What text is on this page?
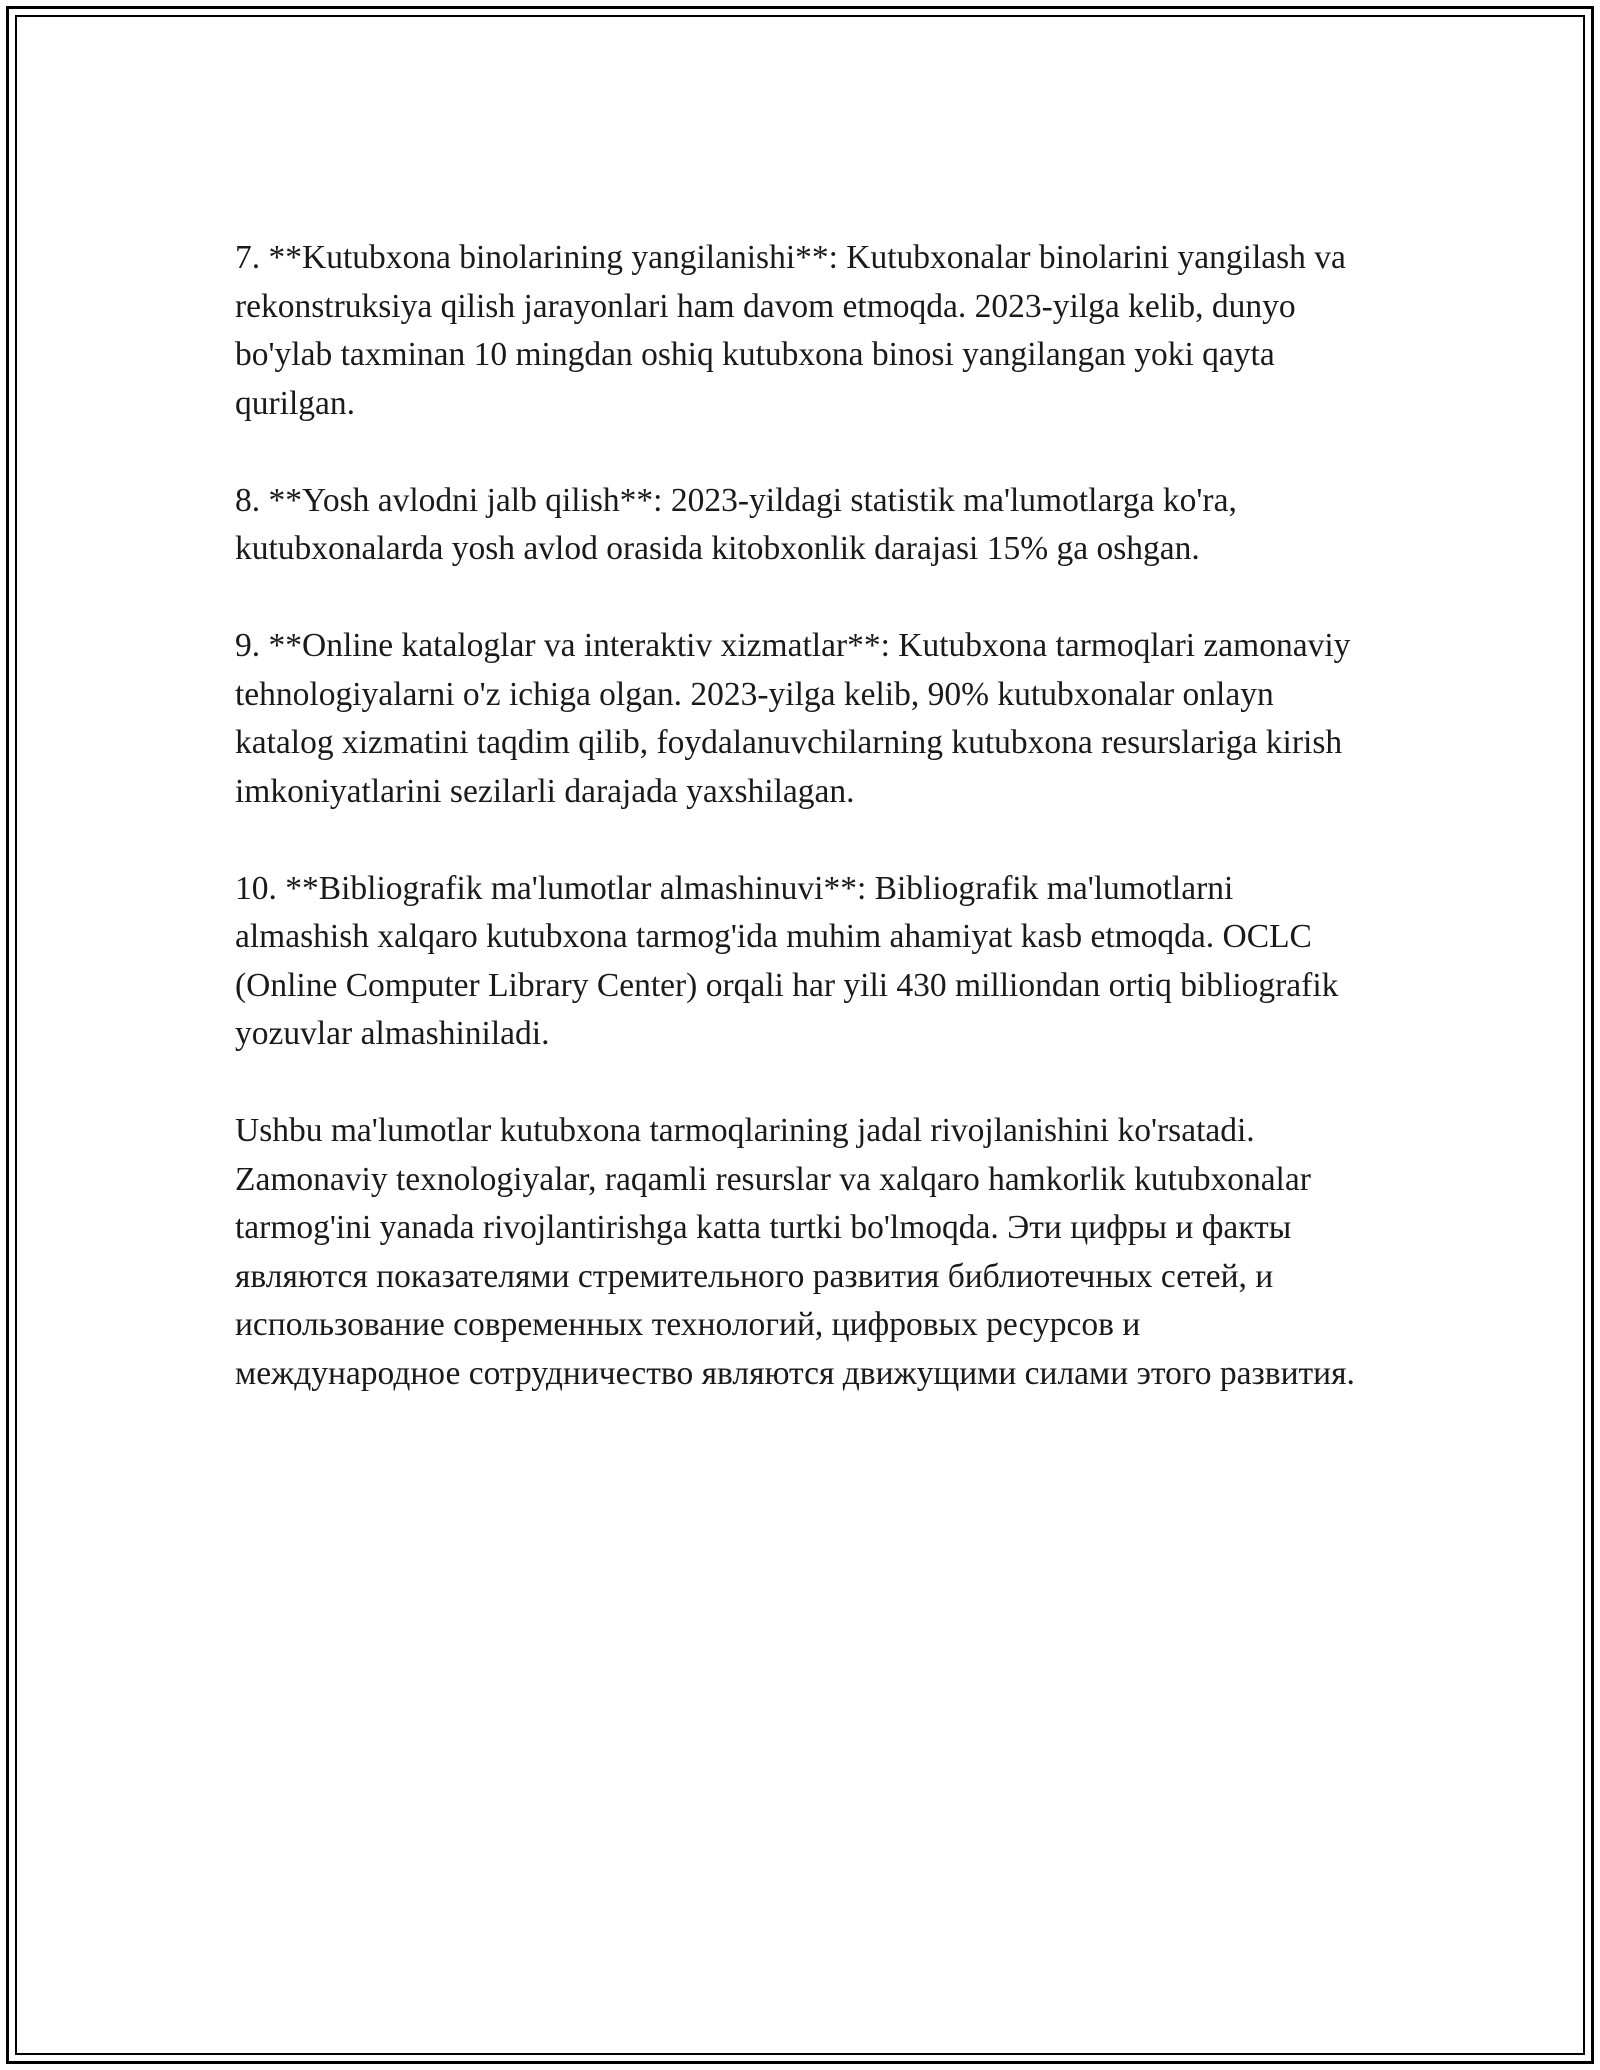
7. **Kutubxona binolarining yangilanishi**: Kutubxonalar binolarini yangilash va rekonstruksiya qilish jarayonlari ham davom etmoqda. 2023-yilga kelib, dunyo bo'ylab taxminan 10 mingdan oshiq kutubxona binosi yangilangan yoki qayta qurilgan.

8. **Yosh avlodni jalb qilish**: 2023-yildagi statistik ma'lumotlarga ko'ra, kutubxonalarda yosh avlod orasida kitobxonlik darajasi 15% ga oshgan.

9. **Online kataloglar va interaktiv xizmatlar**: Kutubxona tarmoqlari zamonaviy tehnologiyalarni o'z ichiga olgan. 2023-yilga kelib, 90% kutubxonalar onlayn katalog xizmatini taqdim qilib, foydalanuvchilarning kutubxona resurslariga kirish imkoniyatlarini sezilarli darajada yaxshilagan.

10. **Bibliografik ma'lumotlar almashinuvi**: Bibliografik ma'lumotlarni almashish xalqaro kutubxona tarmog'ida muhim ahamiyat kasb etmoqda. OCLC (Online Computer Library Center) orqali har yili 430 milliondan ortiq bibliografik yozuvlar almashiniladi.

Ushbu ma'lumotlar kutubxona tarmoqlarining jadal rivojlanishini ko'rsatadi. Zamonaviy texnologiyalar, raqamli resurslar va xalqaro hamkorlik kutubxonalar tarmog'ini yanada rivojlantirishga katta turtki bo'lmoqda. Эти цифры и факты являются показателями стремительного развития библиотечных сетей, и использование современных технологий, цифровых ресурсов и международное сотрудничество являются движущими силами этого развития.
